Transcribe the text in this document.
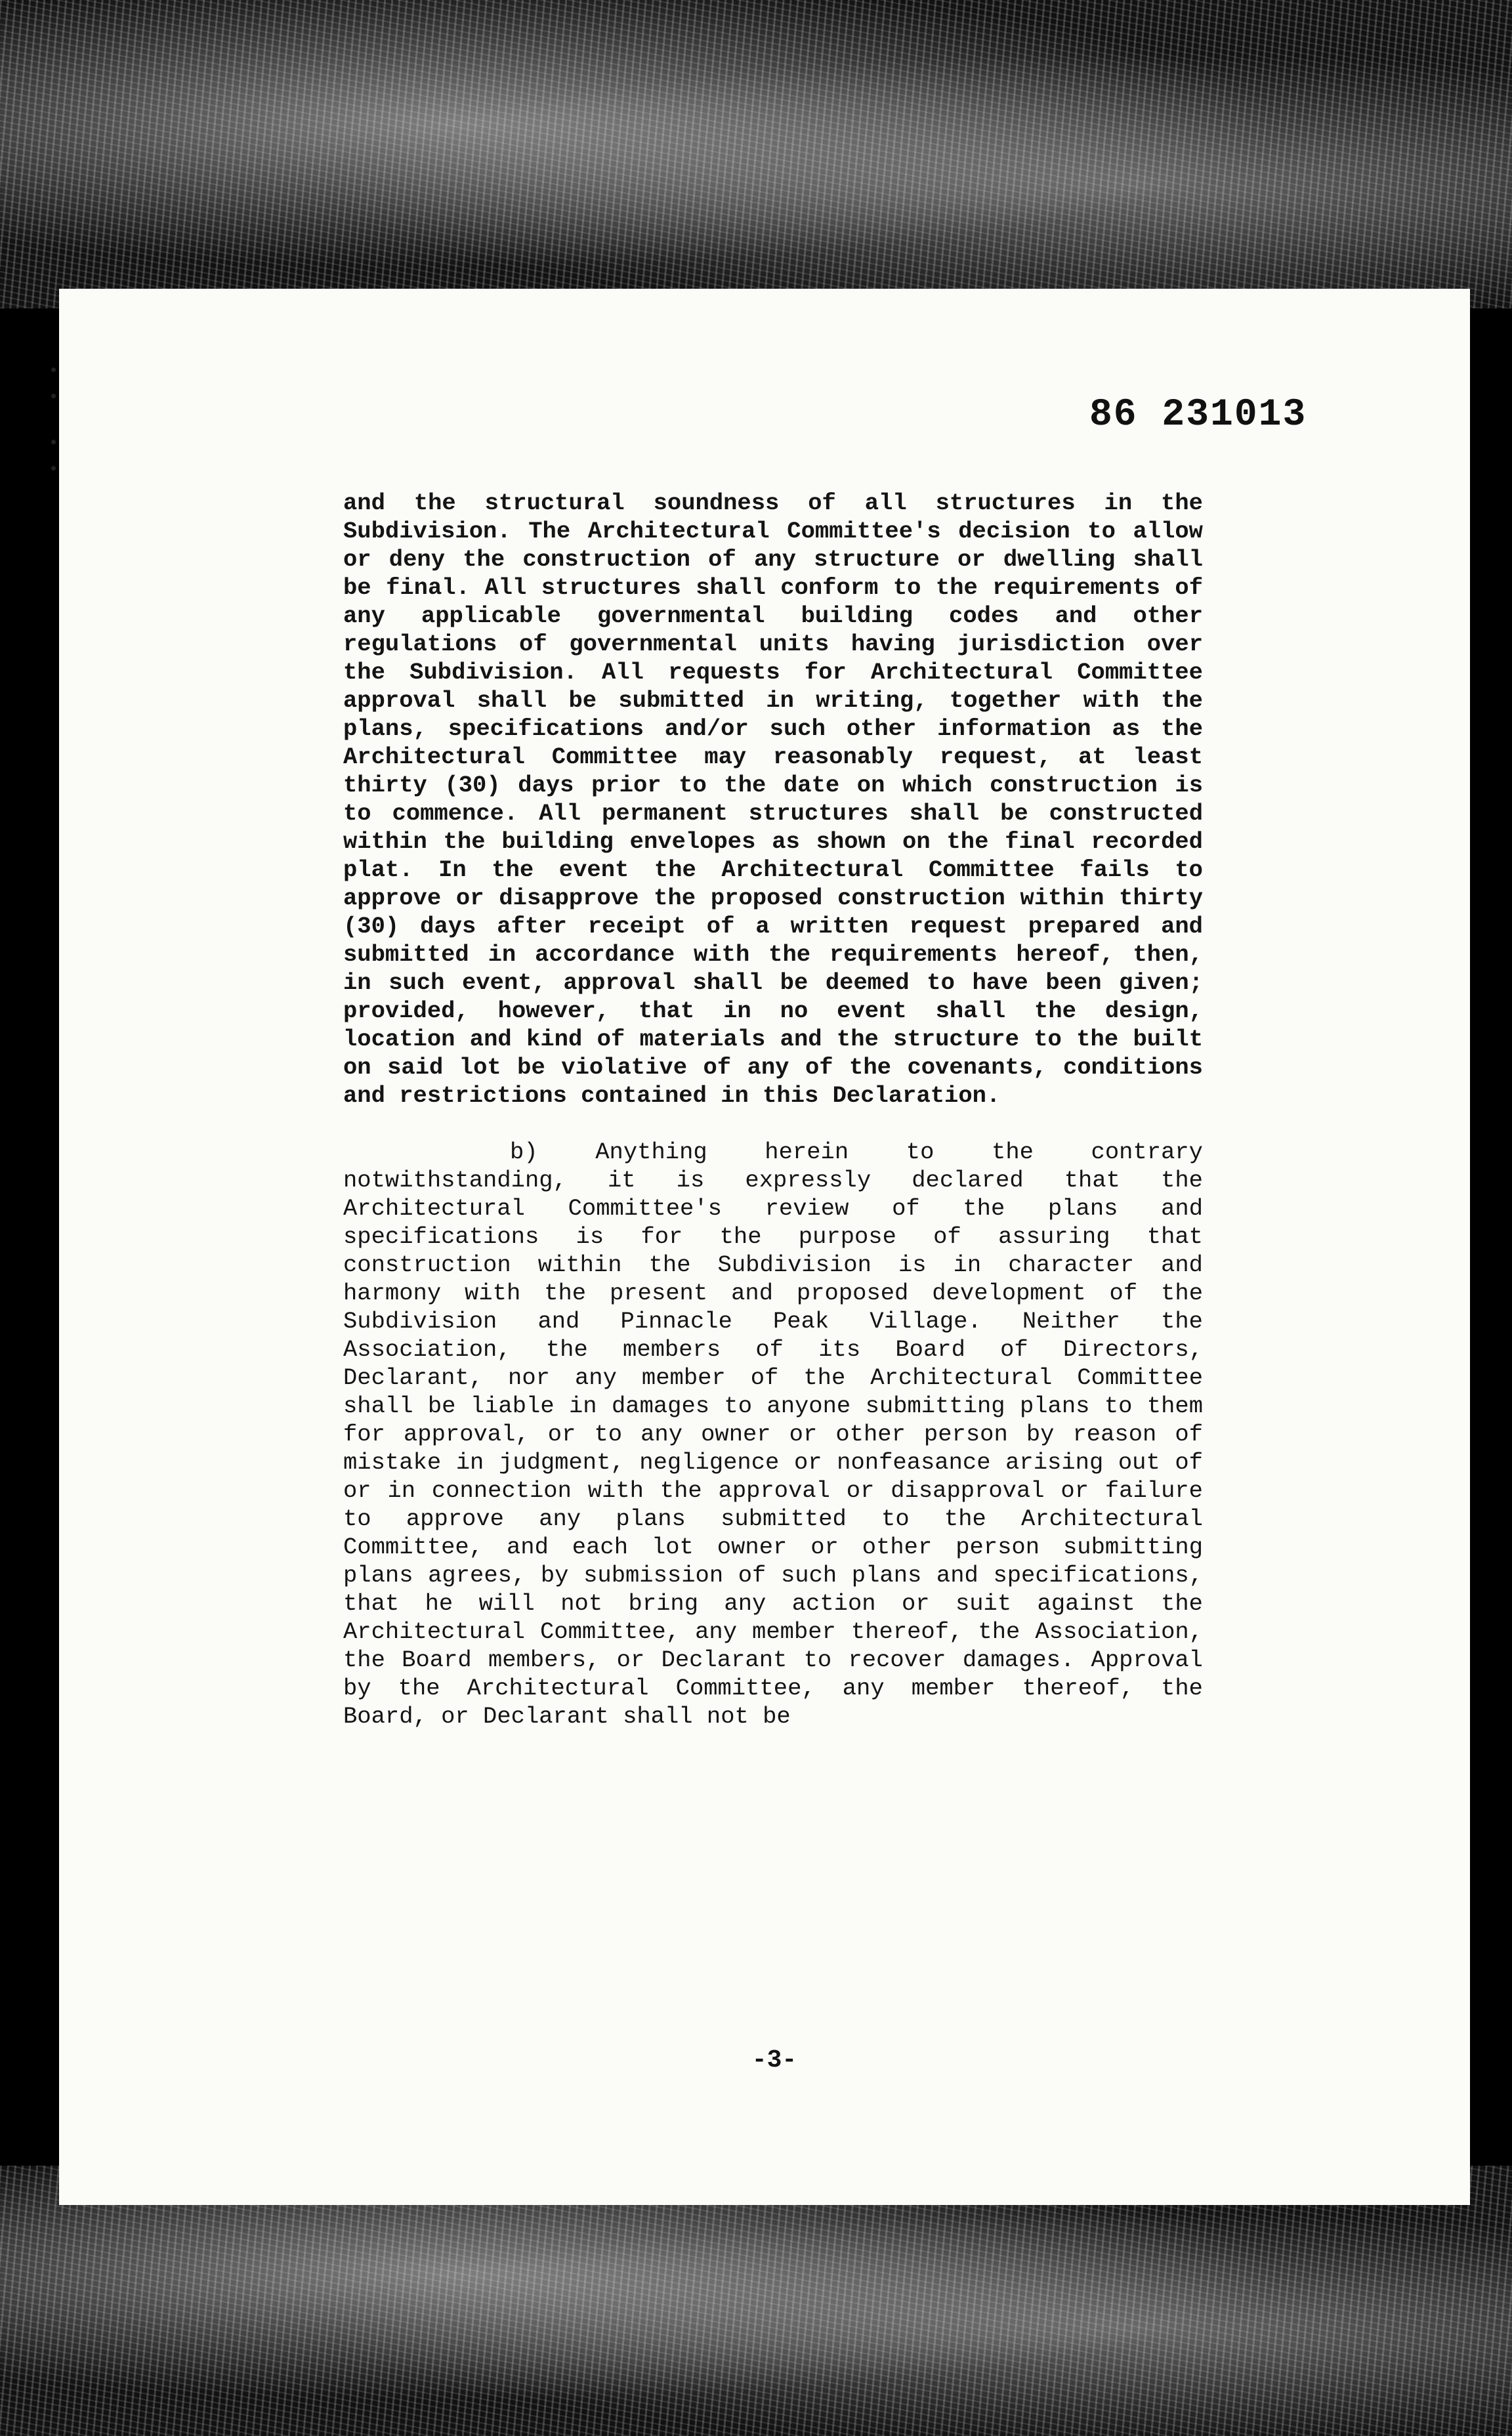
86 231013

and the structural soundness of all structures in the Subdivision. The Architectural Committee's decision to allow or deny the construction of any structure or dwelling shall be final. All structures shall conform to the requirements of any applicable governmental building codes and other regulations of governmental units having jurisdiction over the Subdivision. All requests for Architectural Committee approval shall be submitted in writing, together with the plans, specifications and/or such other information as the Architectural Committee may reasonably request, at least thirty (30) days prior to the date on which construction is to commence. All permanent structures shall be constructed within the building envelopes as shown on the final recorded plat. In the event the Architectural Committee fails to approve or disapprove the proposed construction within thirty (30) days after receipt of a written request prepared and submitted in accordance with the requirements hereof, then, in such event, approval shall be deemed to have been given; provided, however, that in no event shall the design, location and kind of materials and the structure to the built on said lot be violative of any of the covenants, conditions and restrictions contained in this Declaration.

b) Anything herein to the contrary notwithstanding, it is expressly declared that the Architectural Committee's review of the plans and specifications is for the purpose of assuring that construction within the Subdivision is in character and harmony with the present and proposed development of the Subdivision and Pinnacle Peak Village. Neither the Association, the members of its Board of Directors, Declarant, nor any member of the Architectural Committee shall be liable in damages to anyone submitting plans to them for approval, or to any owner or other person by reason of mistake in judgment, negligence or nonfeasance arising out of or in connection with the approval or disapproval or failure to approve any plans submitted to the Architectural Committee, and each lot owner or other person submitting plans agrees, by submission of such plans and specifications, that he will not bring any action or suit against the Architectural Committee, any member thereof, the Association, the Board members, or Declarant to recover damages. Approval by the Architectural Committee, any member thereof, the Board, or Declarant shall not be

-3-
